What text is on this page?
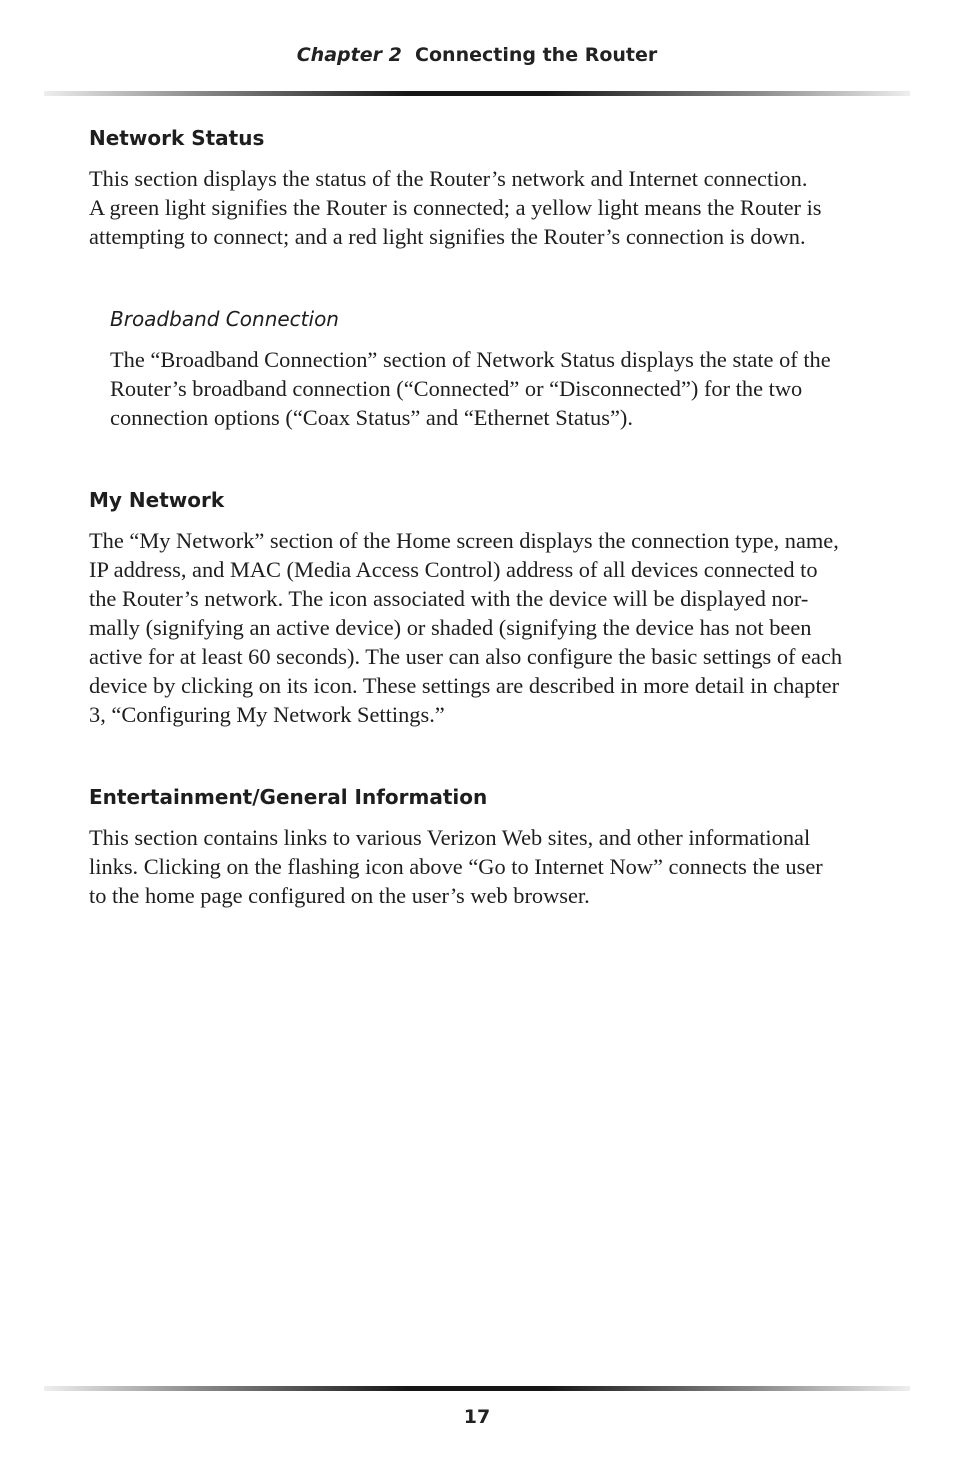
Chapter 2 Connecting the Router
Network Status

This section displays the status of the Router’s network and Internet connection.
A green light signifies the Router is connected; a yellow light means the Router is
attempting to connect; and a red light signifies the Router’s connection is down.

Broadband Connection

The “Broadband Connection” section of Network Status displays the state of the
Router’s broadband connection (“Connected” or “Disconnected”) for the two
connection options (“Coax Status” and “Ethernet Status”).

My Network

The “My Network” section of the Home screen displays the connection type, name,
IP address, and MAC (Media Access Control) address of all devices connected to
the Router’s network. The icon associated with the device will be displayed nor-
mally (signifying an active device) or shaded (signifying the device has not been
active for at least 60 seconds). The user can also configure the basic settings of each
device by clicking on its icon. These settings are described in more detail in chapter
3, “Configuring My Network Settings.”

Entertainment/General Information

This section contains links to various Verizon Web sites, and other informational
links. Clicking on the flashing icon above “Go to Internet Now” connects the user
to the home page configured on the user’s web browser.

17
